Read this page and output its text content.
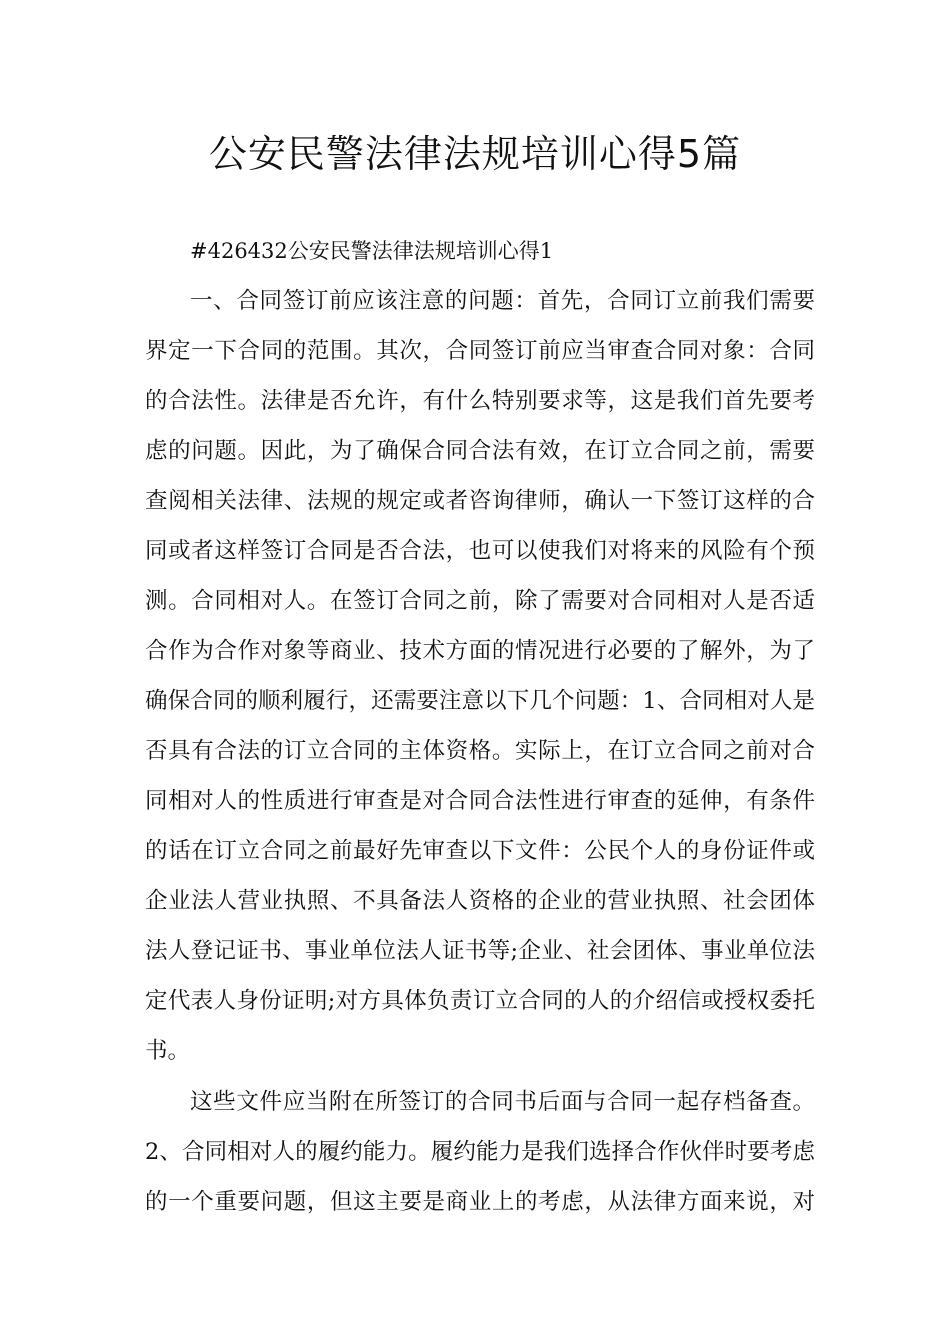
公安民警法律法规培训心得5篇
#426432公安民警法律法规培训心得1
一、合同签订前应该注意的问题：首先，合同订立前我们需要
界定一下合同的范围。其次，合同签订前应当审查合同对象：合同
的合法性。法律是否允许，有什么特别要求等，这是我们首先要考
虑的问题。因此，为了确保合同合法有效，在订立合同之前，需要
查阅相关法律、法规的规定或者咨询律师，确认一下签订这样的合
同或者这样签订合同是否合法，也可以使我们对将来的风险有个预
测。合同相对人。在签订合同之前，除了需要对合同相对人是否适
合作为合作对象等商业、技术方面的情况进行必要的了解外，为了
确保合同的顺利履行，还需要注意以下几个问题：1、合同相对人是
否具有合法的订立合同的主体资格。实际上，在订立合同之前对合
同相对人的性质进行审查是对合同合法性进行审查的延伸，有条件
的话在订立合同之前最好先审查以下文件：公民个人的身份证件或
企业法人营业执照、不具备法人资格的企业的营业执照、社会团体
法人登记证书、事业单位法人证书等;企业、社会团体、事业单位法
定代表人身份证明;对方具体负责订立合同的人的介绍信或授权委托
书。
这些文件应当附在所签订的合同书后面与合同一起存档备查。
2、合同相对人的履约能力。履约能力是我们选择合作伙伴时要考虑
的一个重要问题，但这主要是商业上的考虑，从法律方面来说，对
